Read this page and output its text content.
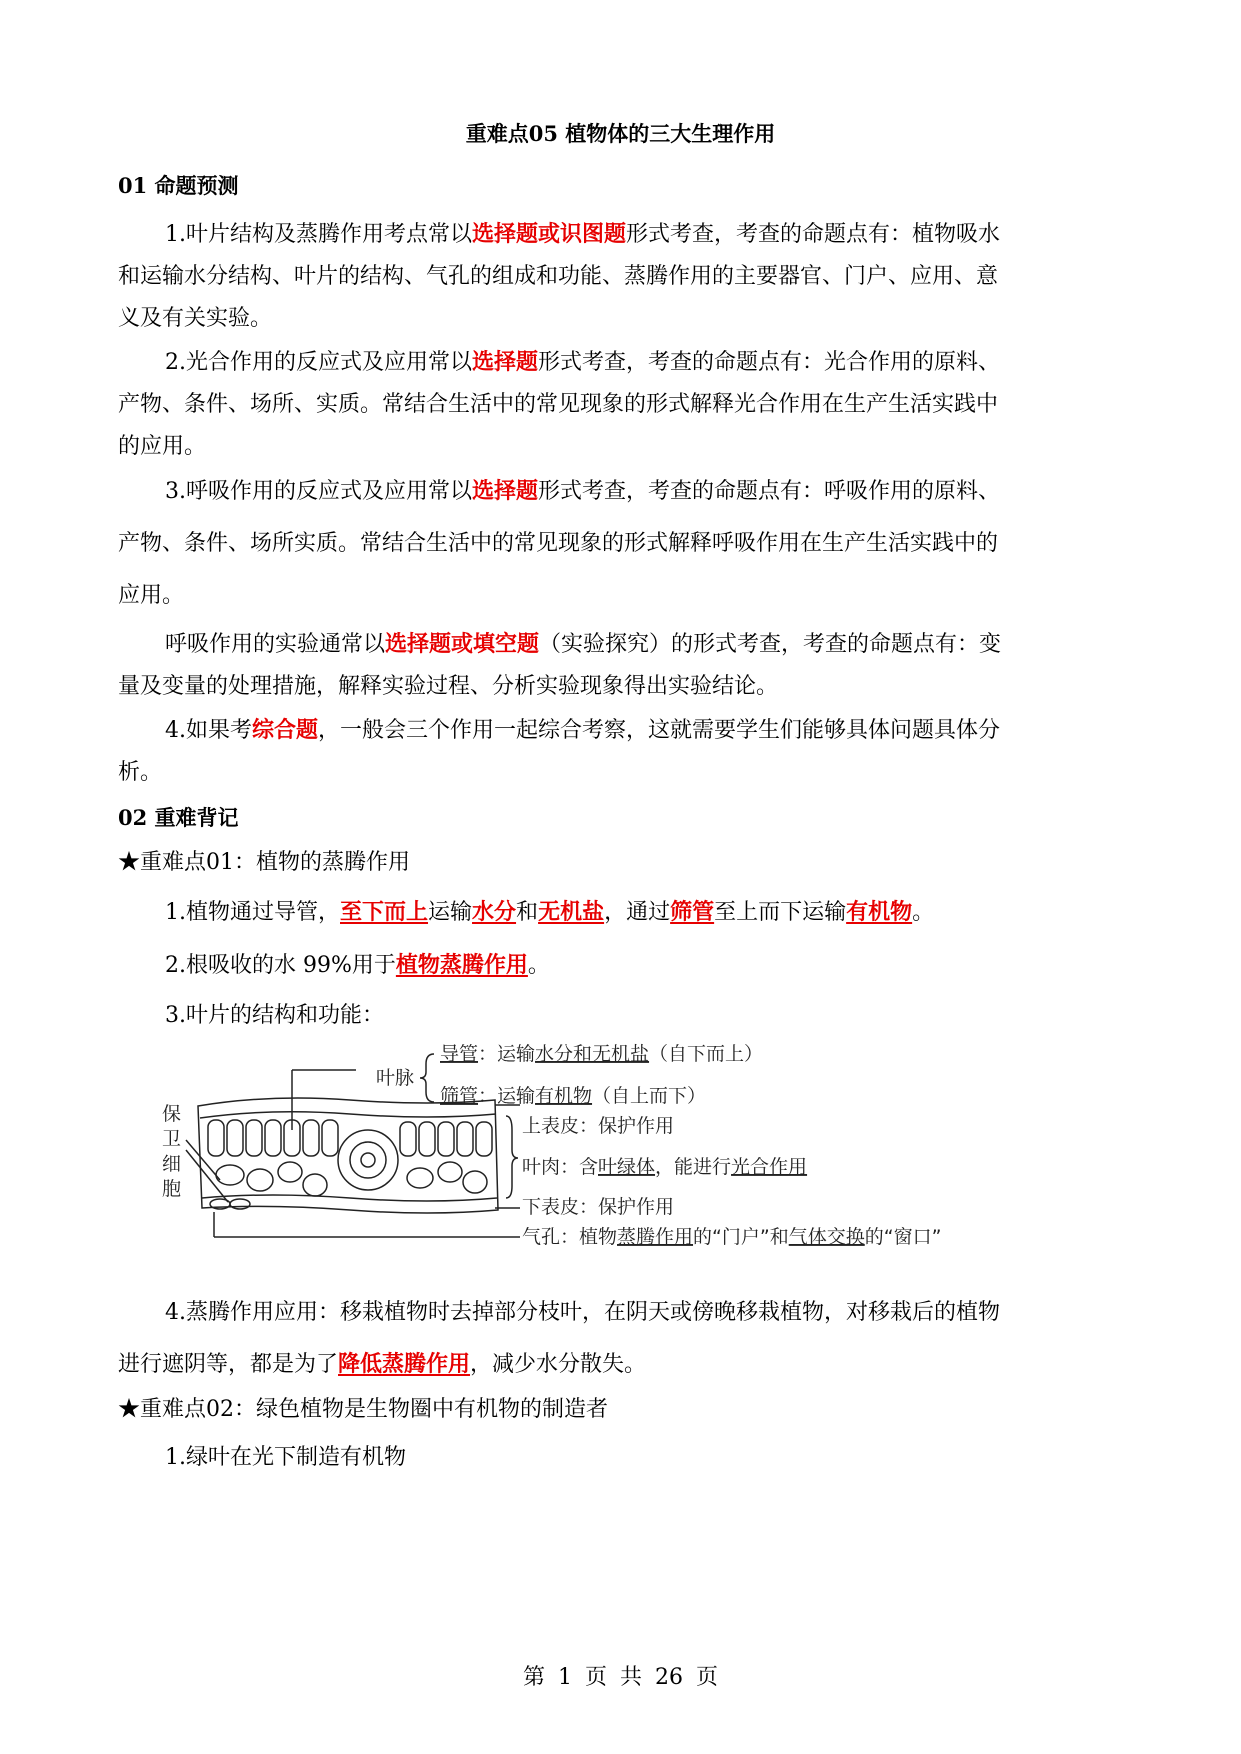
重难点05 植物体的三大生理作用
01 命题预测
1.叶片结构及蒸腾作用考点常以选择题或识图题形式考查，考查的命题点有：植物吸水
和运输水分结构、叶片的结构、气孔的组成和功能、蒸腾作用的主要器官、门户、应用、意
义及有关实验。
2.光合作用的反应式及应用常以选择题形式考查，考查的命题点有：光合作用的原料、
产物、条件、场所、实质。常结合生活中的常见现象的形式解释光合作用在生产生活实践中
的应用。
3.呼吸作用的反应式及应用常以选择题形式考查，考查的命题点有：呼吸作用的原料、
产物、条件、场所实质。常结合生活中的常见现象的形式解释呼吸作用在生产生活实践中的
应用。
呼吸作用的实验通常以选择题或填空题（实验探究）的形式考查，考查的命题点有：变
量及变量的处理措施，解释实验过程、分析实验现象得出实验结论。
4.如果考综合题，一般会三个作用一起综合考察，这就需要学生们能够具体问题具体分
析。
02 重难背记
★重难点01：植物的蒸腾作用
1.植物通过导管，至下而上运输水分和无机盐，通过筛管至上而下运输有机物。
2.根吸收的水 99%用于植物蒸腾作用。
3.叶片的结构和功能：
保
卫
细
胞
叶脉
导管：运输水分和无机盐（自下而上）
筛管：运输有机物（自上而下）
上表皮：保护作用
叶肉：含叶绿体，能进行光合作用
下表皮：保护作用
气孔：植物蒸腾作用的“门户”和气体交换的“窗口”
4.蒸腾作用应用：移栽植物时去掉部分枝叶，在阴天或傍晚移栽植物，对移栽后的植物
进行遮阴等，都是为了降低蒸腾作用，减少水分散失。
★重难点02：绿色植物是生物圈中有机物的制造者
1.绿叶在光下制造有机物
第 1 页 共 26 页
